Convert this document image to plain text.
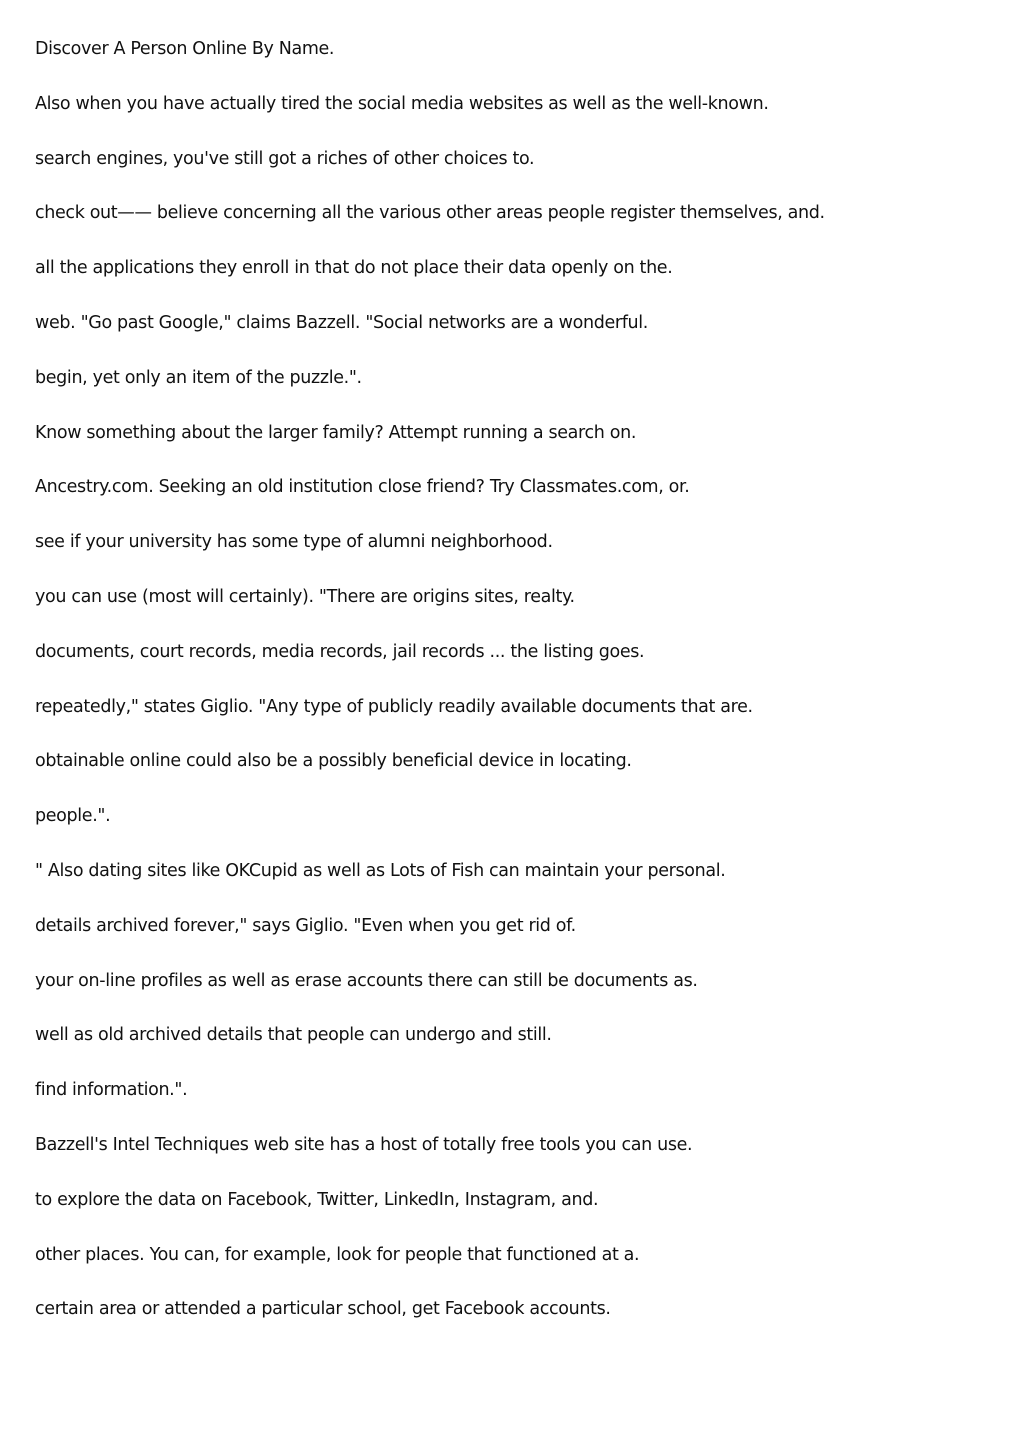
Discover A Person Online By Name.
Also when you have actually tired the social media websites as well as the well-known.
search engines, you've still got a riches of other choices to.
check out—— believe concerning all the various other areas people register themselves, and.
all the applications they enroll in that do not place their data openly on the.
web. "Go past Google," claims Bazzell. "Social networks are a wonderful.
begin, yet only an item of the puzzle.".
Know something about the larger family? Attempt running a search on.
Ancestry.com. Seeking an old institution close friend? Try Classmates.com, or.
see if your university has some type of alumni neighborhood.
you can use (most will certainly). "There are origins sites, realty.
documents, court records, media records, jail records ... the listing goes.
repeatedly," states Giglio. "Any type of publicly readily available documents that are.
obtainable online could also be a possibly beneficial device in locating.
people.".
" Also dating sites like OKCupid as well as Lots of Fish can maintain your personal.
details archived forever," says Giglio. "Even when you get rid of.
your on-line profiles as well as erase accounts there can still be documents as.
well as old archived details that people can undergo and still.
find information.".
Bazzell's Intel Techniques web site has a host of totally free tools you can use.
to explore the data on Facebook, Twitter, LinkedIn, Instagram, and.
other places. You can, for example, look for people that functioned at a.
certain area or attended a particular school, get Facebook accounts.
